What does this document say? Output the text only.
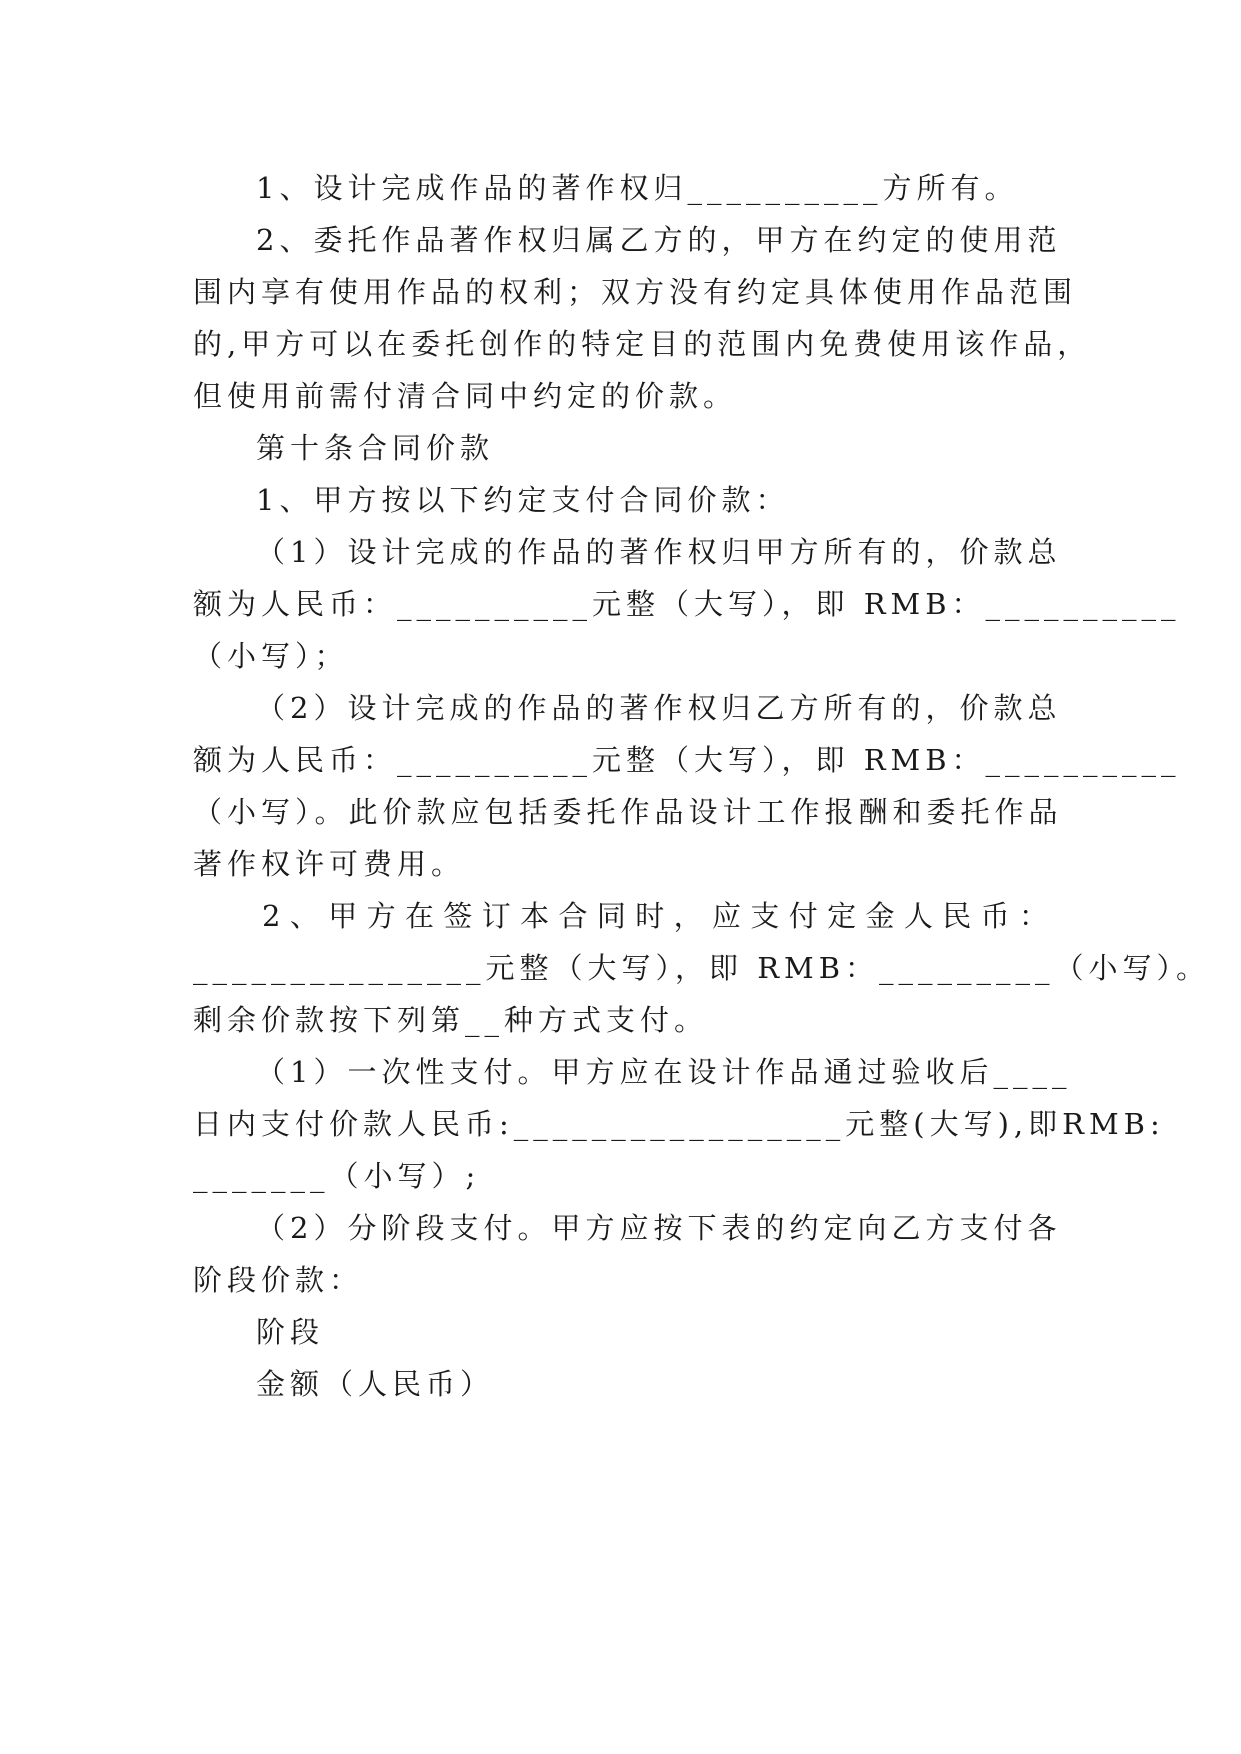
1、设计完成作品的著作权归__________方所有。
2、委托作品著作权归属乙方的，甲方在约定的使用范
围内享有使用作品的权利；双方没有约定具体使用作品范围
的,甲方可以在委托创作的特定目的范围内免费使用该作品，
但使用前需付清合同中约定的价款。
第十条合同价款
1、甲方按以下约定支付合同价款：
（1）设计完成的作品的著作权归甲方所有的，价款总
额为人民币：__________元整（大写），即 RMB：__________
（小写）；
（2）设计完成的作品的著作权归乙方所有的，价款总
额为人民币：__________元整（大写），即 RMB：__________
（小写）。此价款应包括委托作品设计工作报酬和委托作品
著作权许可费用。
2、甲方在签订本合同时，应支付定金人民币：
_______________元整（大写），即 RMB：_________（小写）。
剩余价款按下列第__种方式支付。
（1）一次性支付。甲方应在设计作品通过验收后____
日内支付价款人民币:_________________元整(大写),即RMB:
_______（小写）;
（2）分阶段支付。甲方应按下表的约定向乙方支付各
阶段价款：
阶段
金额（人民币）
